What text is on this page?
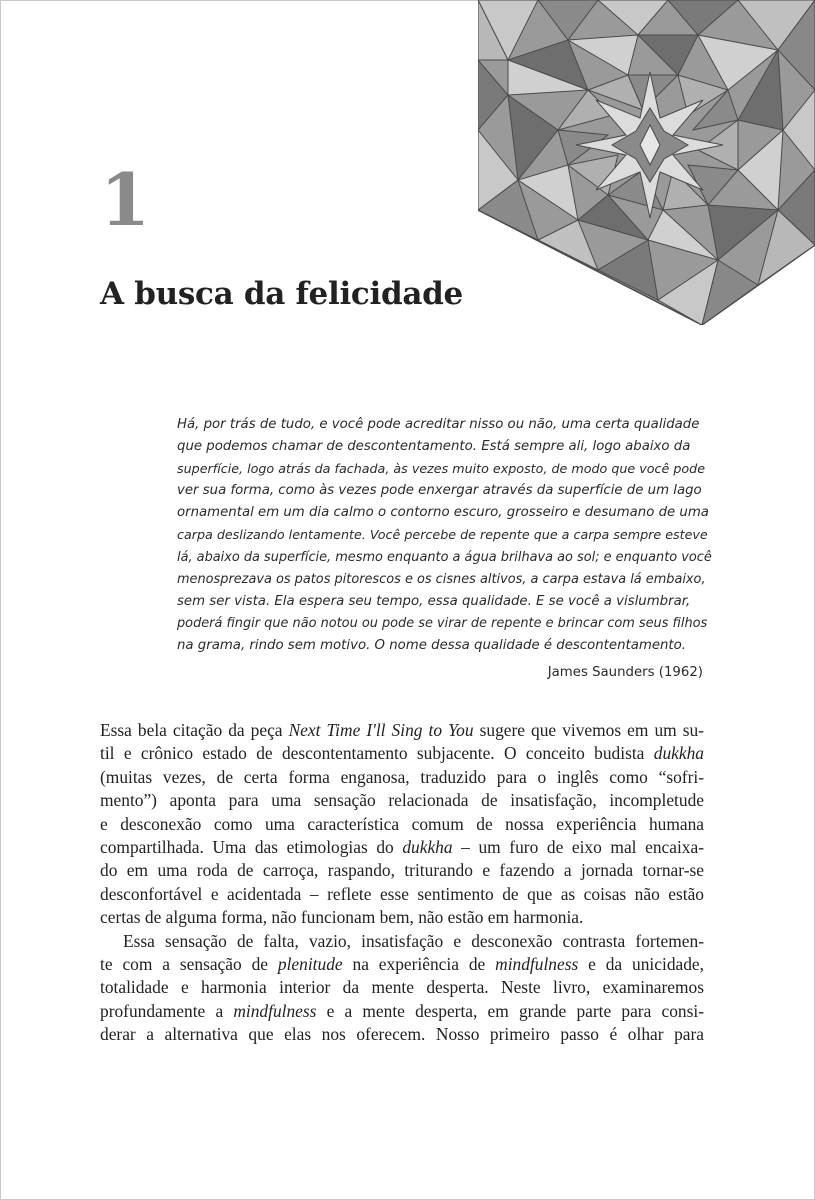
1
A busca da felicidade
Há, por trás de tudo, e você pode acreditar nisso ou não, uma certa qualidade
que podemos chamar de descontentamento. Está sempre ali, logo abaixo da
superfície, logo atrás da fachada, às vezes muito exposto, de modo que você pode
ver sua forma, como às vezes pode enxergar através da superfície de um lago
ornamental em um dia calmo o contorno escuro, grosseiro e desumano de uma
carpa deslizando lentamente. Você percebe de repente que a carpa sempre esteve
lá, abaixo da superfície, mesmo enquanto a água brilhava ao sol; e enquanto você
menosprezava os patos pitorescos e os cisnes altivos, a carpa estava lá embaixo,
sem ser vista. Ela espera seu tempo, essa qualidade. E se você a vislumbrar,
poderá fingir que não notou ou pode se virar de repente e brincar com seus filhos
na grama, rindo sem motivo. O nome dessa qualidade é descontentamento.
James Saunders (1962)
Essa bela citação da peça Next Time I'll Sing to You sugere que vivemos em um su-
til e crônico estado de descontentamento subjacente. O conceito budista dukkha
(muitas vezes, de certa forma enganosa, traduzido para o inglês como “sofri-
mento”) aponta para uma sensação relacionada de insatisfação, incompletude
e desconexão como uma característica comum de nossa experiência humana
compartilhada. Uma das etimologias do dukkha – um furo de eixo mal encaixa-
do em uma roda de carroça, raspando, triturando e fazendo a jornada tornar-se
desconfortável e acidentada – reflete esse sentimento de que as coisas não estão
certas de alguma forma, não funcionam bem, não estão em harmonia.
Essa sensação de falta, vazio, insatisfação e desconexão contrasta fortemen-
te com a sensação de plenitude na experiência de mindfulness e da unicidade,
totalidade e harmonia interior da mente desperta. Neste livro, examinaremos
profundamente a mindfulness e a mente desperta, em grande parte para consi-
derar a alternativa que elas nos oferecem. Nosso primeiro passo é olhar para
